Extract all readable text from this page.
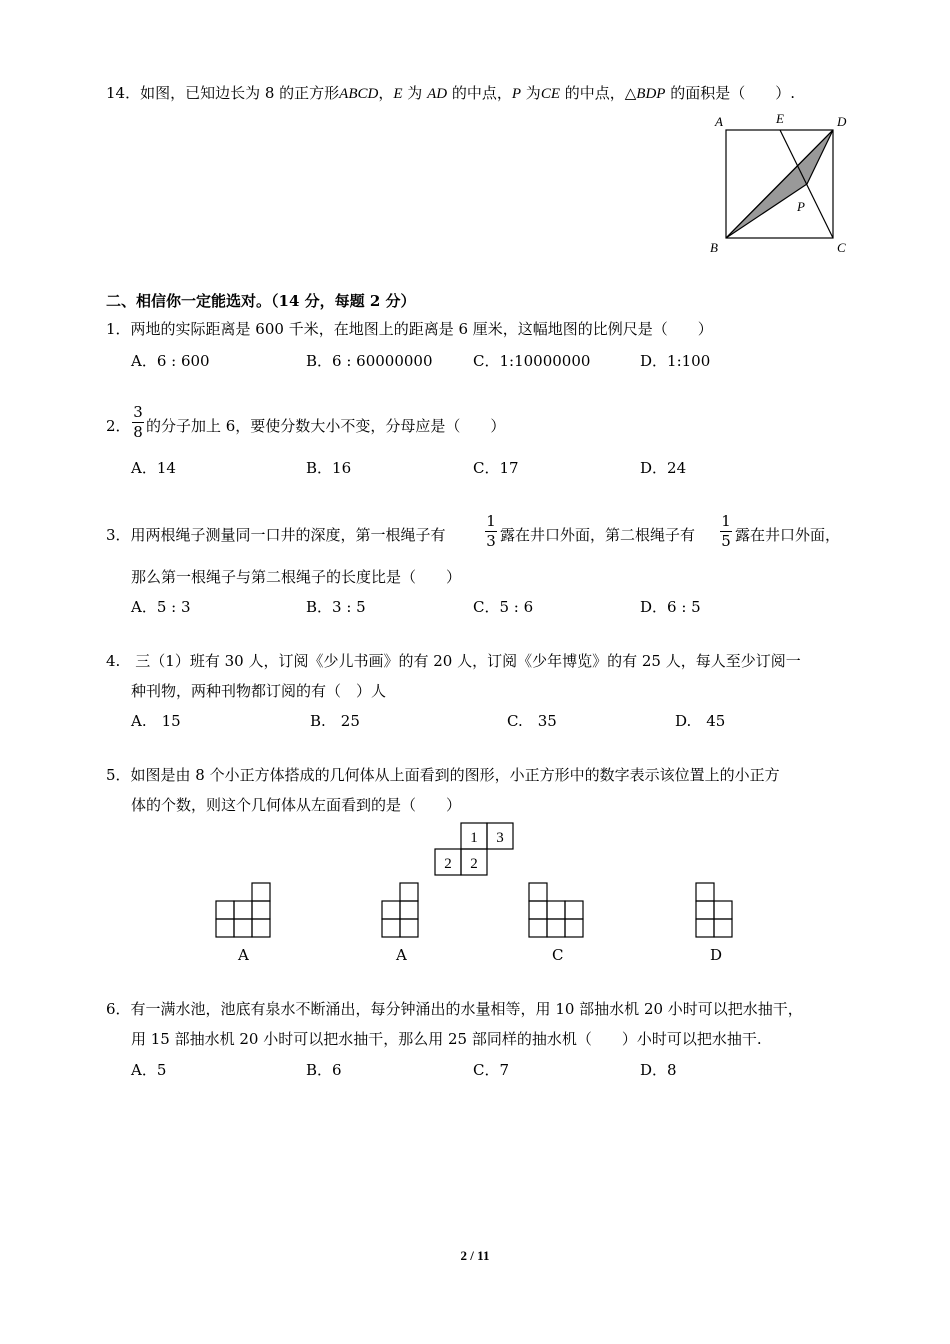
14．如图，已知边长为 8 的正方形ABCD，E 为 AD 的中点，P 为CE 的中点，△BDP 的面积是（　　）.
A	E	D
P
B	C
二、相信你一定能选对。（14 分，每题 2 分）
1．两地的实际距离是 600 千米，在地图上的距离是 6 厘米，这幅地图的比例尺是（　　）
A．6 : 600	B．6 : 60000000	C．1:10000000	D．1:100
2．
3
8 的分子加上 6，要使分数大小不变，分母应是（　　）
A．14	B．16	C．17	D．24
3．用两根绳子测量同一口井的深度，第一根绳子有
1
3 露在井口外面，第二根绳子有
1
5 露在井口外面，
那么第一根绳子与第二根绳子的长度比是（　　）
A．5 : 3	B．3 : 5	C．5 : 6	D．6 : 5
4.　三（1）班有 30 人，订阅《少儿书画》的有 20 人，订阅《少年博览》的有 25 人，每人至少订阅一
种刊物，两种刊物都订阅的有（　）人
A.　15	B.　25	C.　35	D.　45
5．如图是由 8 个小正方体搭成的几何体从上面看到的图形，小正方形中的数字表示该位置上的小正方
体的个数，则这个几何体从左面看到的是（　　）
1 3
2 2
A	A	C	D
6．有一满水池，池底有泉水不断涌出，每分钟涌出的水量相等，用 10 部抽水机 20 小时可以把水抽干，
用 15 部抽水机 20 小时可以把水抽干，那么用 25 部同样的抽水机（　　）小时可以把水抽干.
A．5	B．6	C．7	D．8
2 / 11
